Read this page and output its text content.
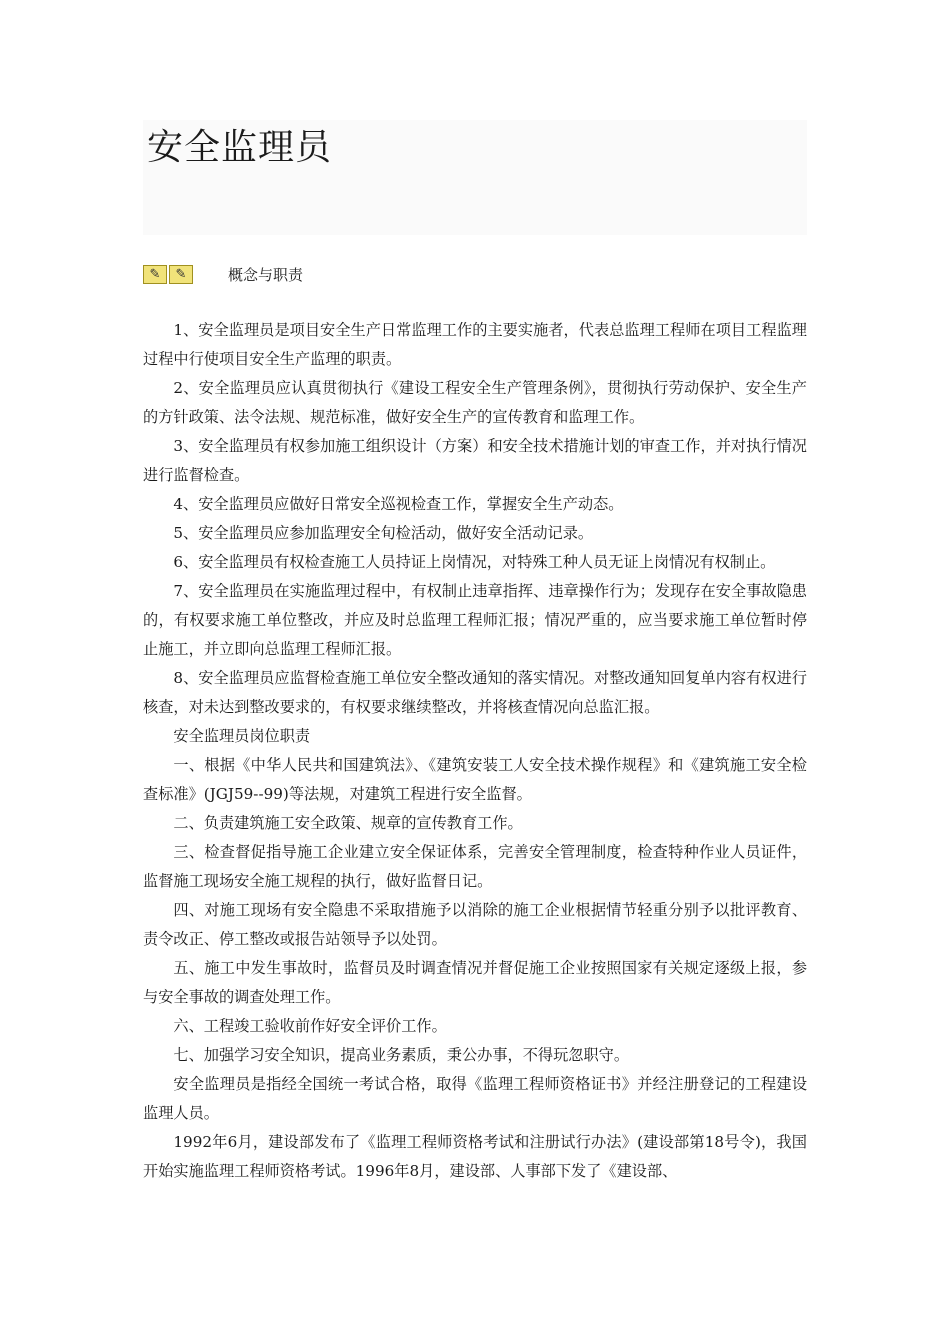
安全监理员
✎	✎	概念与职责

1、安全监理员是项目安全生产日常监理工作的主要实施者，代表总监理工程师在项目工程监理过程中行使项目安全生产监理的职责。

2、安全监理员应认真贯彻执行《建设工程安全生产管理条例》，贯彻执行劳动保护、安全生产的方针政策、法令法规、规范标准，做好安全生产的宣传教育和监理工作。

3、安全监理员有权参加施工组织设计（方案）和安全技术措施计划的审查工作，并对执行情况进行监督检查。

4、安全监理员应做好日常安全巡视检查工作，掌握安全生产动态。

5、安全监理员应参加监理安全旬检活动，做好安全活动记录。

6、安全监理员有权检查施工人员持证上岗情况，对特殊工种人员无证上岗情况有权制止。

7、安全监理员在实施监理过程中，有权制止违章指挥、违章操作行为；发现存在安全事故隐患的，有权要求施工单位整改，并应及时总监理工程师汇报；情况严重的，应当要求施工单位暂时停止施工，并立即向总监理工程师汇报。

8、安全监理员应监督检查施工单位安全整改通知的落实情况。对整改通知回复单内容有权进行核查，对未达到整改要求的，有权要求继续整改，并将核查情况向总监汇报。

安全监理员岗位职责

一、根据《中华人民共和国建筑法》、《建筑安装工人安全技术操作规程》和《建筑施工安全检查标准》(JGJ59--99)等法规，对建筑工程进行安全监督。

二、负责建筑施工安全政策、规章的宣传教育工作。

三、检查督促指导施工企业建立安全保证体系，完善安全管理制度，检查特种作业人员证件，监督施工现场安全施工规程的执行，做好监督日记。

四、对施工现场有安全隐患不采取措施予以消除的施工企业根据情节轻重分别予以批评教育、责令改正、停工整改或报告站领导予以处罚。

五、施工中发生事故时，监督员及时调查情况并督促施工企业按照国家有关规定逐级上报，参与安全事故的调查处理工作。

六、工程竣工验收前作好安全评价工作。

七、加强学习安全知识，提高业务素质，秉公办事，不得玩忽职守。

安全监理员是指经全国统一考试合格，取得《监理工程师资格证书》并经注册登记的工程建设监理人员。

1992年6月，建设部发布了《监理工程师资格考试和注册试行办法》(建设部第18号令)，我国开始实施监理工程师资格考试。1996年8月，建设部、人事部下发了《建设部、
